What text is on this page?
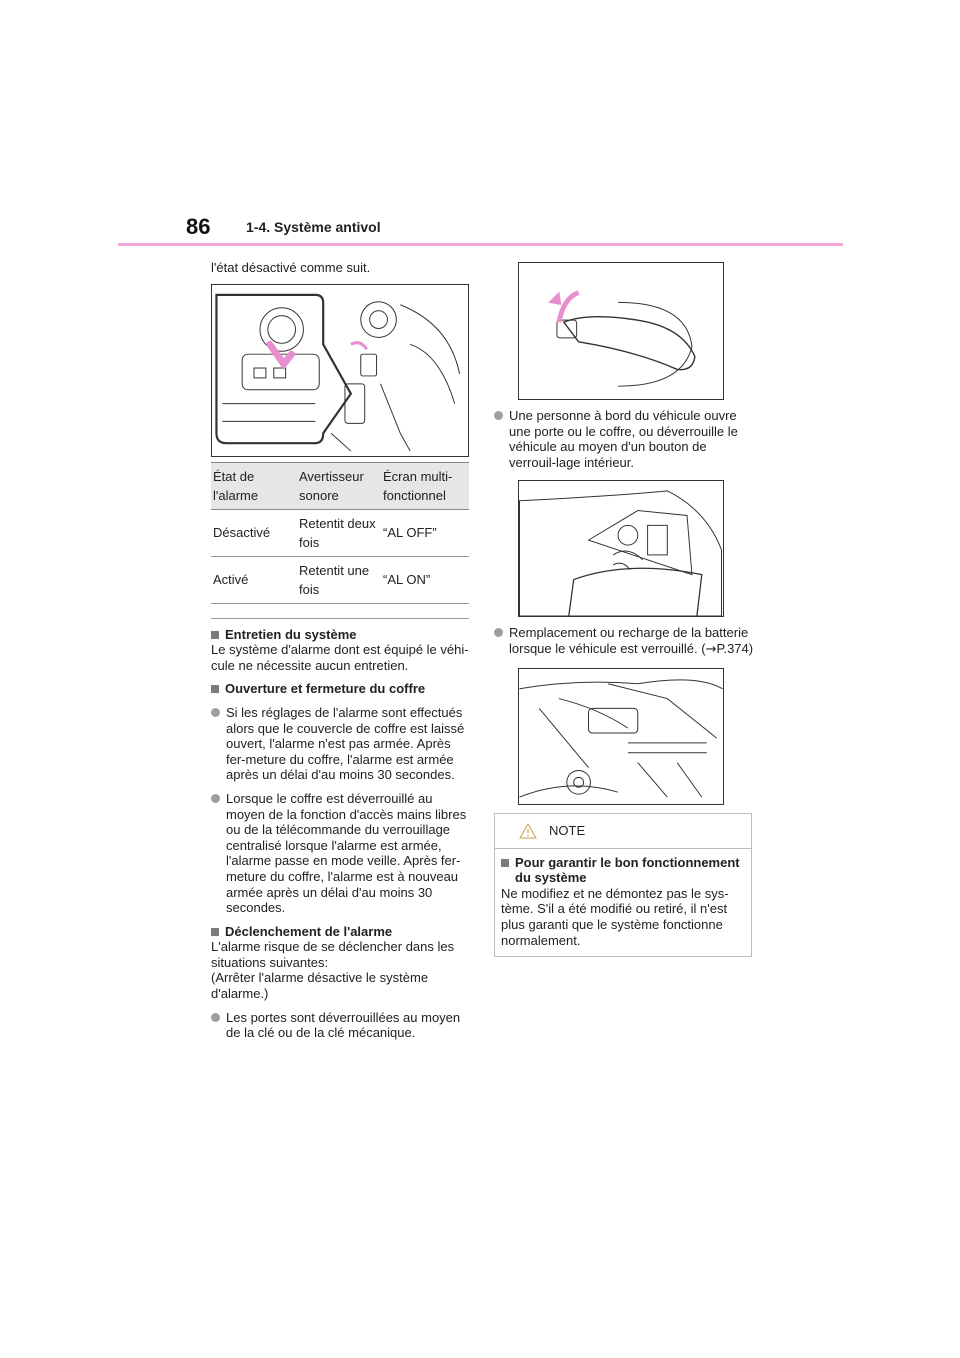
86	1-4. Système antivol

l'état désactivé comme suit.

État de l'alarme	Avertisseur sonore	Écran multi-fonctionnel
Désactivé	Retentit deux fois	“AL OFF”
Activé	Retentit une fois	“AL ON”
Entretien du système

Le système d'alarme dont est équipé le véhi-cule ne nécessite aucun entretien.

Ouverture et fermeture du coffre
Si les réglages de l'alarme sont effectués alors que le couvercle de coffre est laissé ouvert, l'alarme n'est pas armée. Après fer-meture du coffre, l'alarme est armée après un délai d'au moins 30 secondes.
Lorsque le coffre est déverrouillé au moyen de la fonction d'accès mains libres ou de la télécommande du verrouillage centralisé lorsque l'alarme est armée, l'alarme passe en mode veille. Après fer-meture du coffre, l'alarme est à nouveau armée après un délai d'au moins 30 secondes.
Déclenchement de l'alarme

L'alarme risque de se déclencher dans les situations suivantes:

(Arrêter l'alarme désactive le système d'alarme.)

Les portes sont déverrouillées au moyen de la clé ou de la clé mécanique.
Une personne à bord du véhicule ouvre une porte ou le coffre, ou déverrouille le véhicule au moyen d'un bouton de verrouil-lage intérieur.
Remplacement ou recharge de la batterie lorsque le véhicule est verrouillé. (→P.374)
NOTE
Pour garantir le bon fonctionnement du système

Ne modifiez et ne démontez pas le sys-tème. S'il a été modifié ou retiré, il n'est plus garanti que le système fonctionne normalement.
